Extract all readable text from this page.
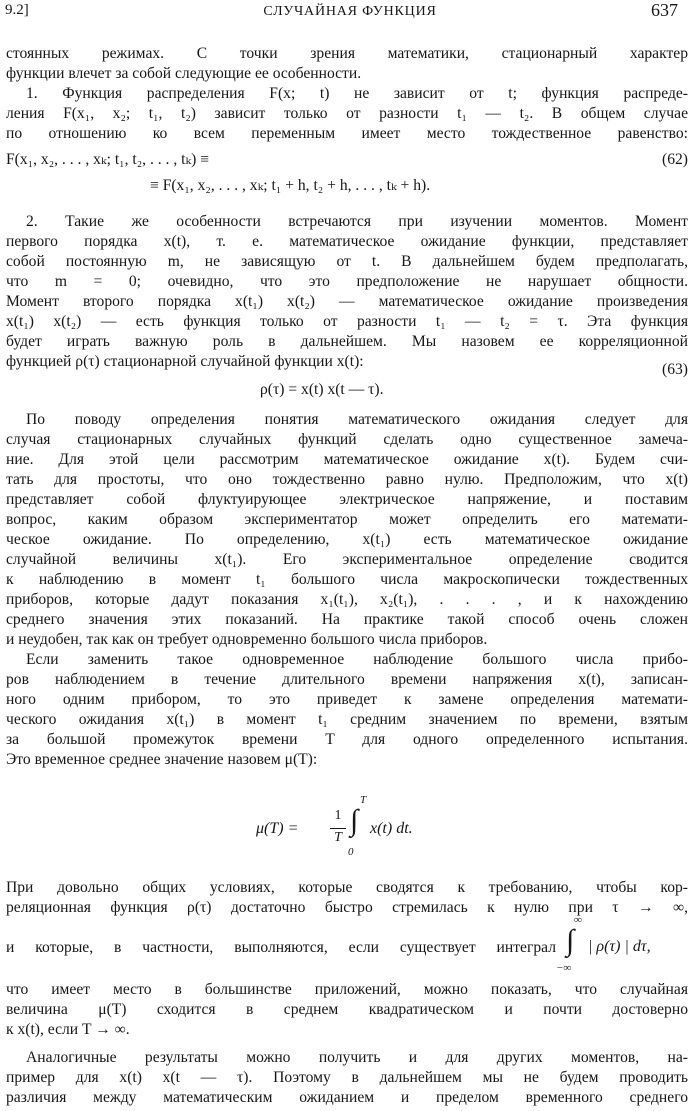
9.2]	СЛУЧАЙНАЯ ФУНКЦИЯ	637
стоянных режимах. С точки зрения математики, стационарный характер
функции влечет за собой следующие ее особенности.
1. Функция распределения F(x; t) не зависит от t; функция распреде-
ления F(x₁, x₂; t₁, t₂) зависит только от разности t₁ — t₂. В общем случае
по отношению ко всем переменным имеет место тождественное равенство:
F(x₁, x₂, . . . , xₖ; t₁, t₂, . . . , tₖ) ≡
≡ F(x₁, x₂, . . . , xₖ; t₁ + h, t₂ + h, . . . , tₖ + h).
2. Такие же особенности встречаются при изучении моментов. Момент
первого порядка x(t), т. е. математическое ожидание функции, представляет
собой постоянную m, не зависящую от t. В дальнейшем будем предполагать,
что m = 0; очевидно, что это предположение не нарушает общности.
Момент второго порядка x(t₁) x(t₂) — математическое ожидание произведения
x(t₁) x(t₂) — есть функция только от разности t₁ — t₂ = τ. Эта функция
будет играть важную роль в дальнейшем. Мы назовем ее корреляционной
функцией ρ(τ) стационарной случайной функции x(t):
ρ(τ) = x(t) x(t — τ).
По поводу определения понятия математического ожидания следует для
случая стационарных случайных функций сделать одно существенное замеча-
ние. Для этой цели рассмотрим математическое ожидание x(t). Будем счи-
тать для простоты, что оно тождественно равно нулю. Предположим, что x(t)
представляет собой флуктуирующее электрическое напряжение, и поставим
вопрос, каким образом экспериментатор может определить его математи-
ческое ожидание. По определению, x(t₁) есть математическое ожидание
случайной величины x(t₁). Его экспериментальное определение сводится
к наблюдению в момент t₁ большого числа макроскопически тождественных
приборов, которые дадут показания x₁(t₁), x₂(t₁), . . . , и к нахождению
среднего значения этих показаний. На практике такой способ очень сложен
и неудобен, так как он требует одновременно большого числа приборов.
Если заменить такое одновременное наблюдение большого числа прибо-
ров наблюдением в течение длительного времени напряжения x(t), записан-
ного одним прибором, то это приведет к замене определения математи-
ческого ожидания x(t₁) в момент t₁ средним значением по времени, взятым
за большой промежуток времени T для одного определенного испытания.
Это временное среднее значение назовем μ(T):
При довольно общих условиях, которые сводятся к требованию, чтобы кор-
реляционная функция ρ(τ) достаточно быстро стремилась к нулю при τ → ∞,
и которые, в частности, выполняются, если существует интеграл
что имеет место в большинстве приложений, можно показать, что случайная
величина μ(T) сходится в среднем квадратическом и почти достоверно
к x(t), если T → ∞.
Аналогичные результаты можно получить и для других моментов, на-
пример для x(t) x(t — τ). Поэтому в дальнейшем мы не будем проводить
различия между математическим ожиданием и пределом временного среднего
(62)
(63)
μ(T) =
1
T
∫
T
0
x(t) dt.
∫
∞
−∞
| ρ(τ) | dτ,
